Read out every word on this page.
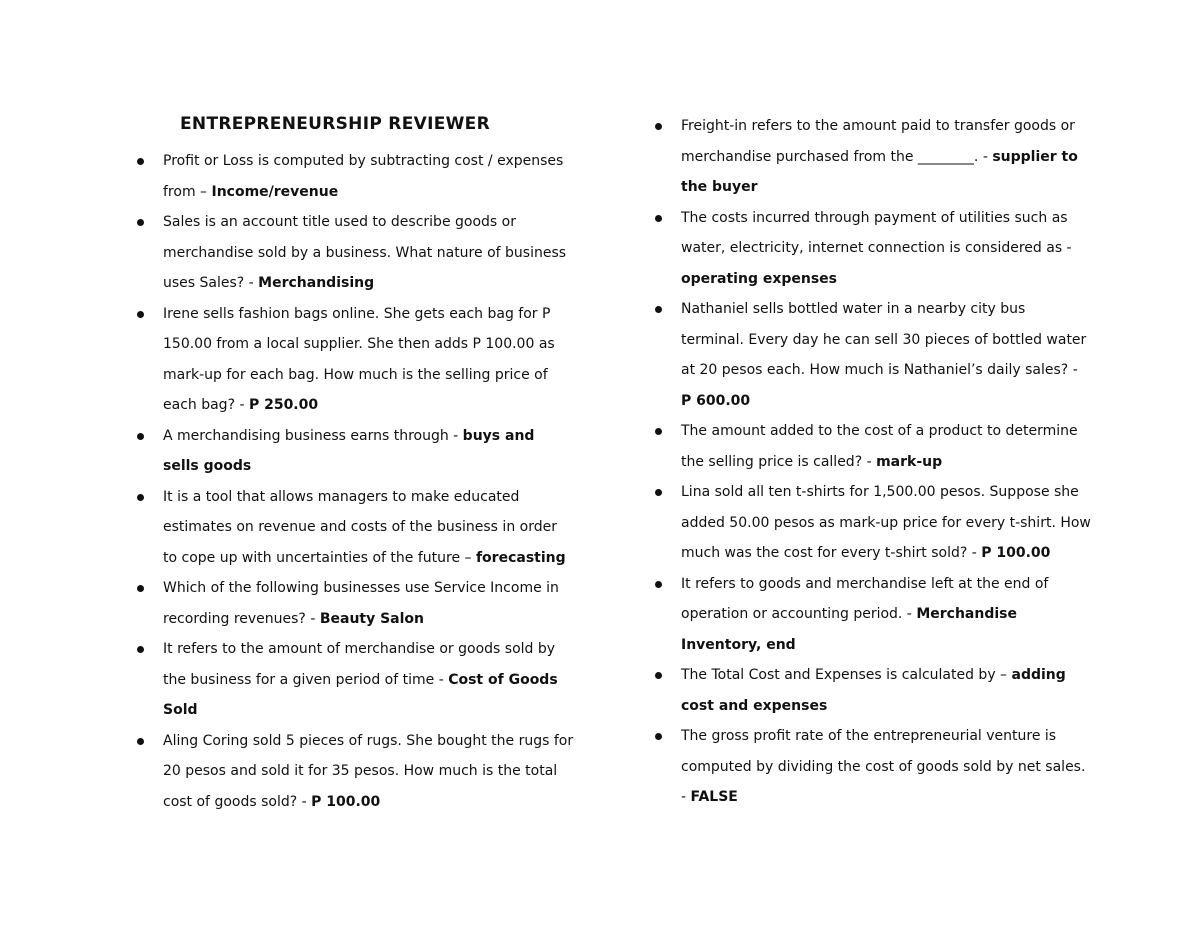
ENTREPRENEURSHIP REVIEWER
Profit or Loss is computed by subtracting cost / expenses from – Income/revenue
Sales is an account title used to describe goods or merchandise sold by a business. What nature of business uses Sales? - Merchandising
Irene sells fashion bags online. She gets each bag for P 150.00 from a local supplier. She then adds P 100.00 as mark-up for each bag. How much is the selling price of each bag? - P 250.00
A merchandising business earns through - buys and sells goods
It is a tool that allows managers to make educated estimates on revenue and costs of the business in order to cope up with uncertainties of the future – forecasting
Which of the following businesses use Service Income in recording revenues? - Beauty Salon
It refers to the amount of merchandise or goods sold by the business for a given period of time - Cost of Goods Sold
Aling Coring sold 5 pieces of rugs. She bought the rugs for 20 pesos and sold it for 35 pesos. How much is the total cost of goods sold? - P 100.00
Freight-in refers to the amount paid to transfer goods or merchandise purchased from the ________. - supplier to the buyer
The costs incurred through payment of utilities such as water, electricity, internet connection is considered as - operating expenses
Nathaniel sells bottled water in a nearby city bus terminal. Every day he can sell 30 pieces of bottled water at 20 pesos each. How much is Nathaniel’s daily sales? - P 600.00
The amount added to the cost of a product to determine the selling price is called? - mark-up
Lina sold all ten t-shirts for 1,500.00 pesos. Suppose she added 50.00 pesos as mark-up price for every t-shirt. How much was the cost for every t-shirt sold? - P 100.00
It refers to goods and merchandise left at the end of operation or accounting period. - Merchandise Inventory, end
The Total Cost and Expenses is calculated by – adding cost and expenses
The gross profit rate of the entrepreneurial venture is computed by dividing the cost of goods sold by net sales. - FALSE
